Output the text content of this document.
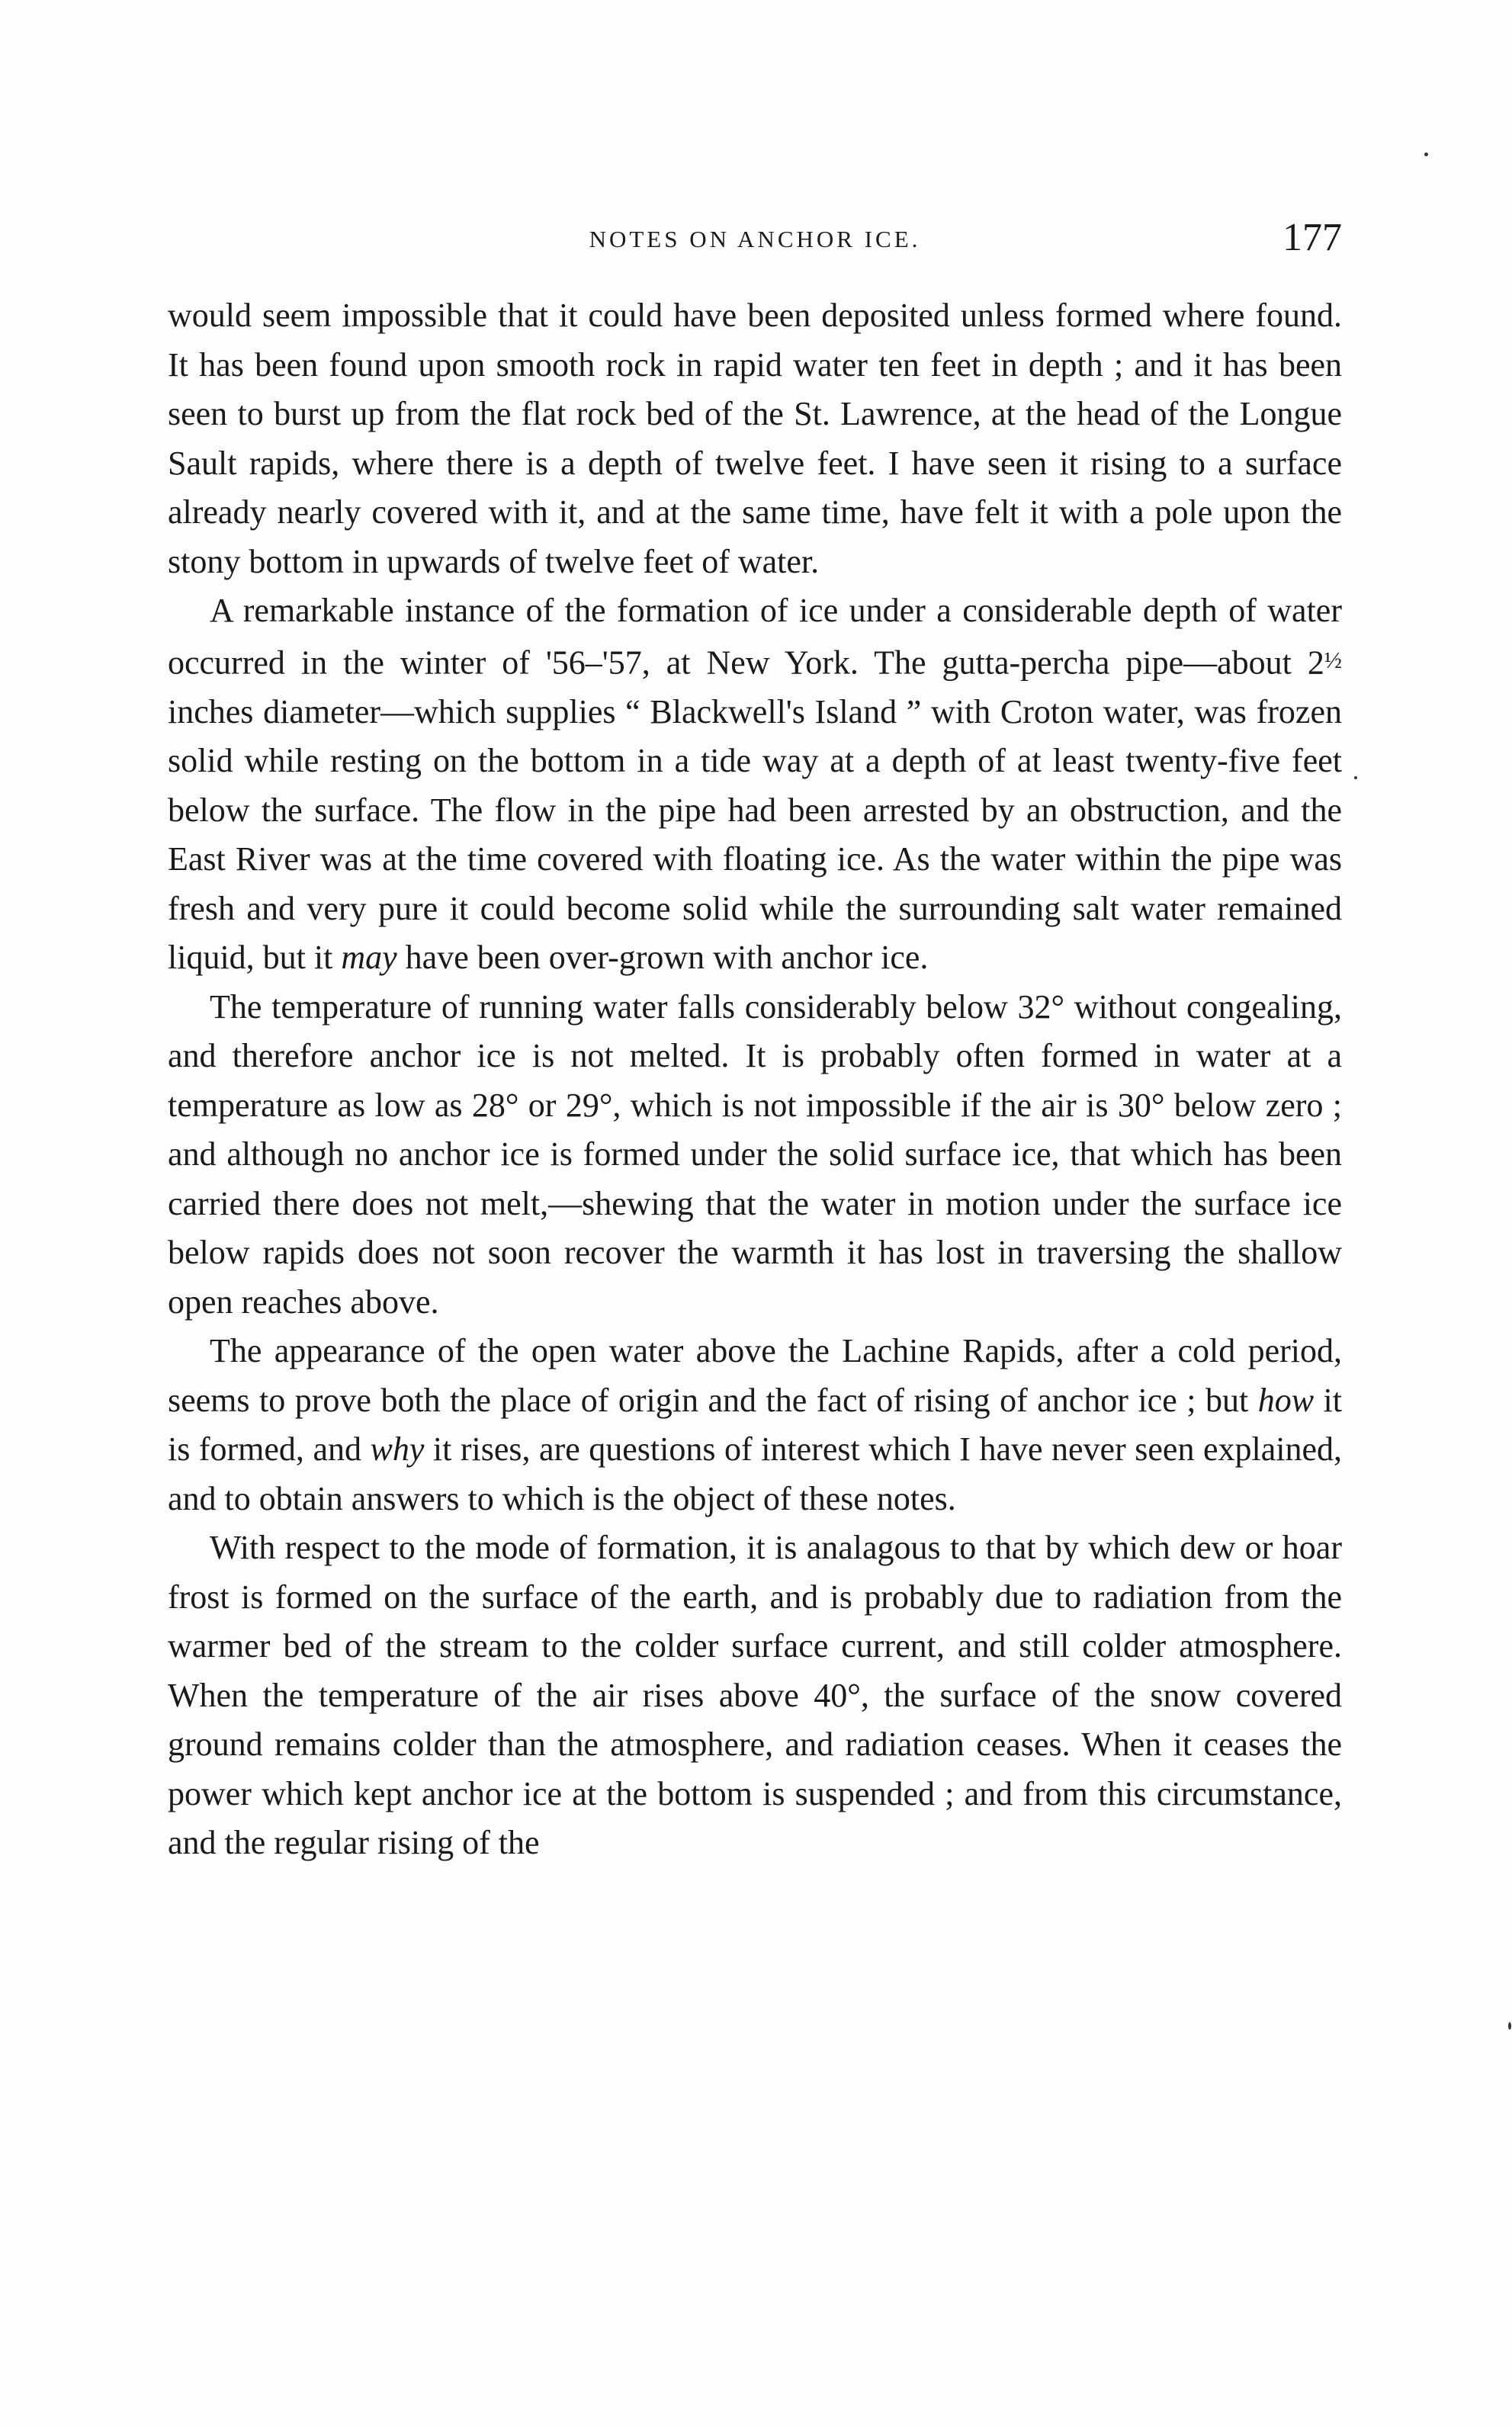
NOTES ON ANCHOR ICE.	177

would seem impossible that it could have been deposited unless formed where found. It has been found upon smooth rock in rapid water ten feet in depth ; and it has been seen to burst up from the flat rock bed of the St. Lawrence, at the head of the Longue Sault rapids, where there is a depth of twelve feet. I have seen it rising to a surface already nearly covered with it, and at the same time, have felt it with a pole upon the stony bottom in upwards of twelve feet of water.

A remarkable instance of the formation of ice under a considerable depth of water occurred in the winter of '56–'57, at New York. The gutta-percha pipe—about 2½ inches diameter—which supplies “ Blackwell's Island ” with Croton water, was frozen solid while resting on the bottom in a tide way at a depth of at least twenty-five feet below the surface. The flow in the pipe had been arrested by an obstruction, and the East River was at the time covered with floating ice. As the water within the pipe was fresh and very pure it could become solid while the surrounding salt water remained liquid, but it may have been over-grown with anchor ice.

The temperature of running water falls considerably below 32° without congealing, and therefore anchor ice is not melted. It is probably often formed in water at a temperature as low as 28° or 29°, which is not impossible if the air is 30° below zero ; and although no anchor ice is formed under the solid surface ice, that which has been carried there does not melt,—shewing that the water in motion under the surface ice below rapids does not soon recover the warmth it has lost in traversing the shallow open reaches above.

The appearance of the open water above the Lachine Rapids, after a cold period, seems to prove both the place of origin and the fact of rising of anchor ice ; but how it is formed, and why it rises, are questions of interest which I have never seen explained, and to obtain answers to which is the object of these notes.

With respect to the mode of formation, it is analagous to that by which dew or hoar frost is formed on the surface of the earth, and is probably due to radiation from the warmer bed of the stream to the colder surface current, and still colder atmosphere. When the temperature of the air rises above 40°, the surface of the snow covered ground remains colder than the atmosphere, and radiation ceases. When it ceases the power which kept anchor ice at the bottom is suspended ; and from this circumstance, and the regular rising of the
